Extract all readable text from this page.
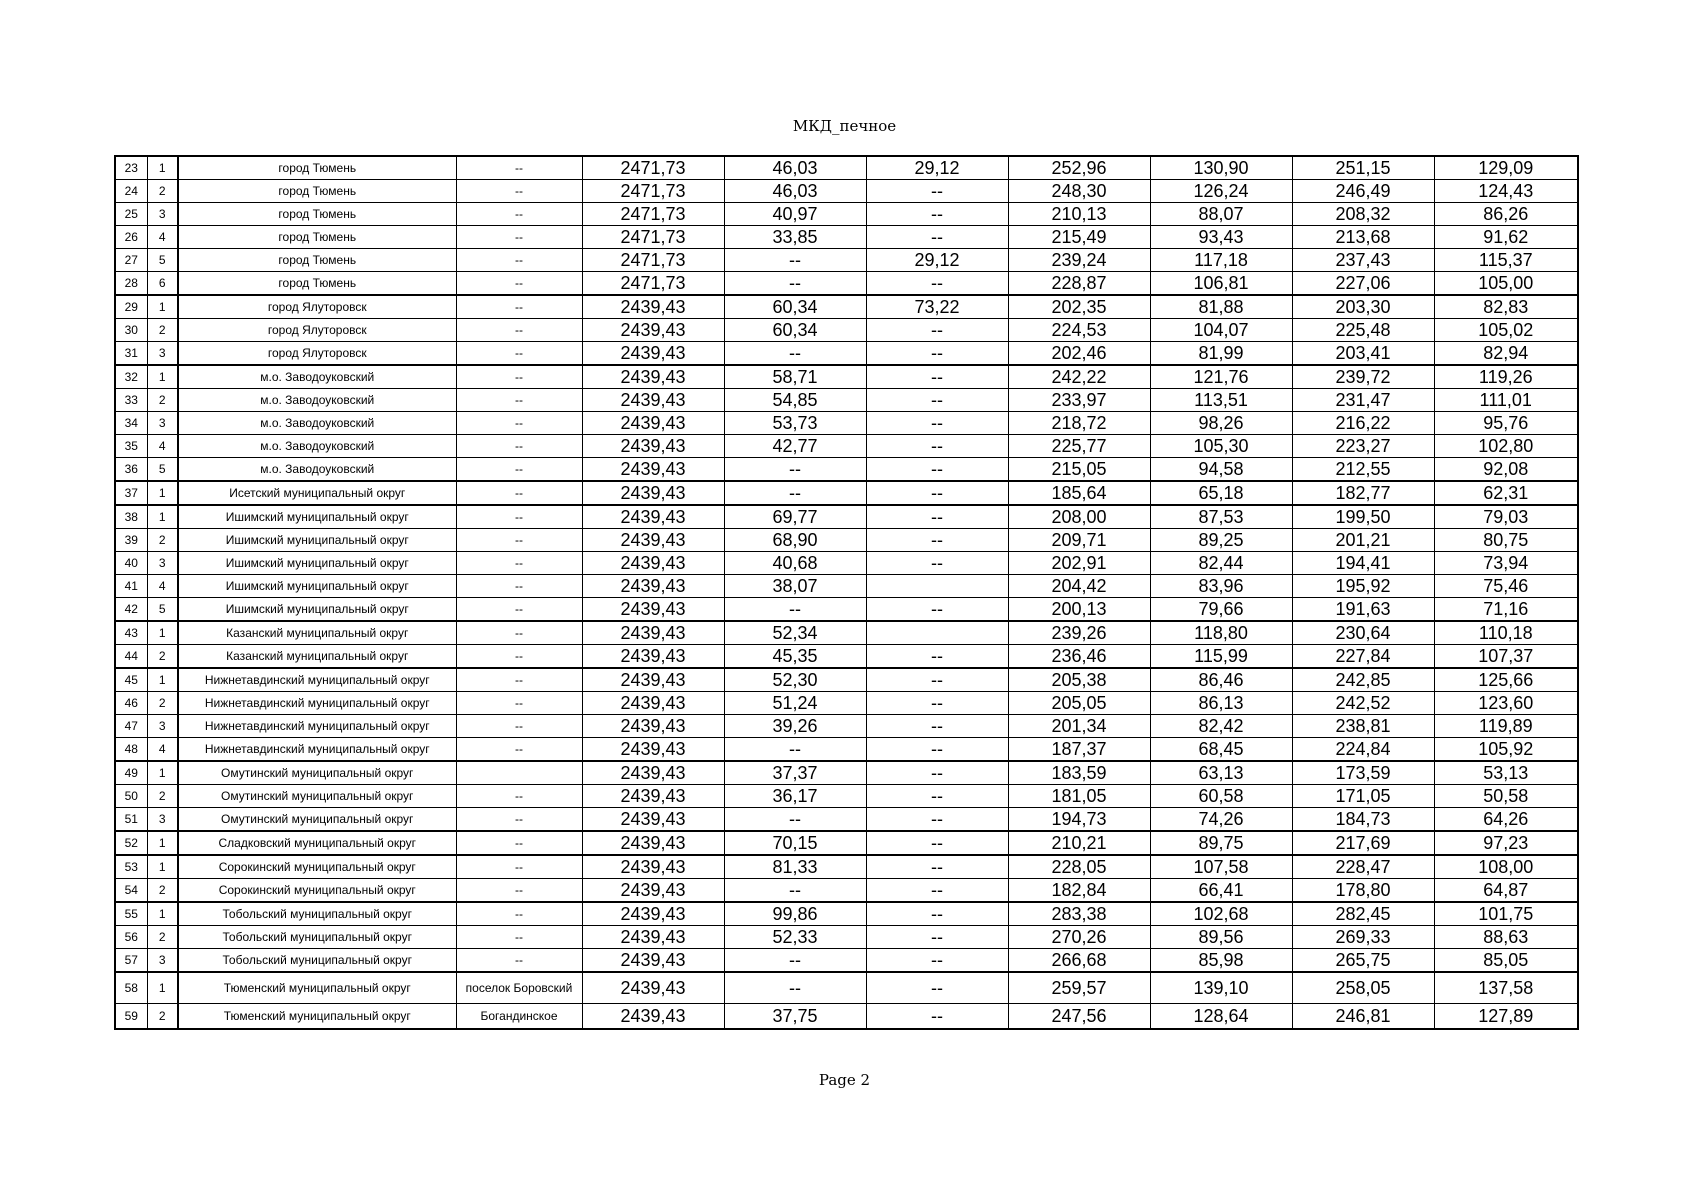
МКД_печное
23	1	город Тюмень	--	2471,73	46,03	29,12	252,96	130,90	251,15	129,09
24	2	город Тюмень	--	2471,73	46,03	--	248,30	126,24	246,49	124,43
25	3	город Тюмень	--	2471,73	40,97	--	210,13	88,07	208,32	86,26
26	4	город Тюмень	--	2471,73	33,85	--	215,49	93,43	213,68	91,62
27	5	город Тюмень	--	2471,73	--	29,12	239,24	117,18	237,43	115,37
28	6	город Тюмень	--	2471,73	--	--	228,87	106,81	227,06	105,00
29	1	город Ялуторовск	--	2439,43	60,34	73,22	202,35	81,88	203,30	82,83
30	2	город Ялуторовск	--	2439,43	60,34	--	224,53	104,07	225,48	105,02
31	3	город Ялуторовск	--	2439,43	--	--	202,46	81,99	203,41	82,94
32	1	м.о. Заводоуковский	--	2439,43	58,71	--	242,22	121,76	239,72	119,26
33	2	м.о. Заводоуковский	--	2439,43	54,85	--	233,97	113,51	231,47	111,01
34	3	м.о. Заводоуковский	--	2439,43	53,73	--	218,72	98,26	216,22	95,76
35	4	м.о. Заводоуковский	--	2439,43	42,77	--	225,77	105,30	223,27	102,80
36	5	м.о. Заводоуковский	--	2439,43	--	--	215,05	94,58	212,55	92,08
37	1	Исетский муниципальный округ	--	2439,43	--	--	185,64	65,18	182,77	62,31
38	1	Ишимский муниципальный округ	--	2439,43	69,77	--	208,00	87,53	199,50	79,03
39	2	Ишимский муниципальный округ	--	2439,43	68,90	--	209,71	89,25	201,21	80,75
40	3	Ишимский муниципальный округ	--	2439,43	40,68	--	202,91	82,44	194,41	73,94
41	4	Ишимский муниципальный округ	--	2439,43	38,07		204,42	83,96	195,92	75,46
42	5	Ишимский муниципальный округ	--	2439,43	--	--	200,13	79,66	191,63	71,16
43	1	Казанский муниципальный округ	--	2439,43	52,34		239,26	118,80	230,64	110,18
44	2	Казанский муниципальный округ	--	2439,43	45,35	--	236,46	115,99	227,84	107,37
45	1	Нижнетавдинский муниципальный округ	--	2439,43	52,30	--	205,38	86,46	242,85	125,66
46	2	Нижнетавдинский муниципальный округ	--	2439,43	51,24	--	205,05	86,13	242,52	123,60
47	3	Нижнетавдинский муниципальный округ	--	2439,43	39,26	--	201,34	82,42	238,81	119,89
48	4	Нижнетавдинский муниципальный округ	--	2439,43	--	--	187,37	68,45	224,84	105,92
49	1	Омутинский муниципальный округ		2439,43	37,37	--	183,59	63,13	173,59	53,13
50	2	Омутинский муниципальный округ	--	2439,43	36,17	--	181,05	60,58	171,05	50,58
51	3	Омутинский муниципальный округ	--	2439,43	--	--	194,73	74,26	184,73	64,26
52	1	Сладковский муниципальный округ	--	2439,43	70,15	--	210,21	89,75	217,69	97,23
53	1	Сорокинский муниципальный округ	--	2439,43	81,33	--	228,05	107,58	228,47	108,00
54	2	Сорокинский муниципальный округ	--	2439,43	--	--	182,84	66,41	178,80	64,87
55	1	Тобольский муниципальный округ	--	2439,43	99,86	--	283,38	102,68	282,45	101,75
56	2	Тобольский муниципальный округ	--	2439,43	52,33	--	270,26	89,56	269,33	88,63
57	3	Тобольский муниципальный округ	--	2439,43	--	--	266,68	85,98	265,75	85,05
58	1	Тюменский муниципальный округ	поселок Боровский	2439,43	--	--	259,57	139,10	258,05	137,58
59	2	Тюменский муниципальный округ	Богандинское	2439,43	37,75	--	247,56	128,64	246,81	127,89
Page 2
